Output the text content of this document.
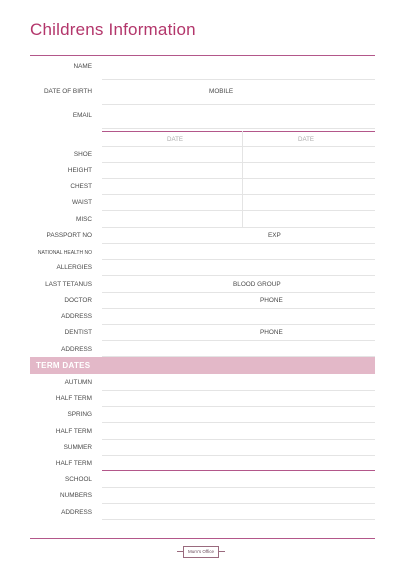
Childrens Information
NAME
DATE OF BIRTH	MOBILE
EMAIL
DATE	DATE
SHOE
HEIGHT
CHEST
WAIST
MISC
PASSPORT NO	EXP
NATIONAL HEALTH NO
ALLERGIES
LAST TETANUS	BLOOD GROUP
DOCTOR	PHONE
ADDRESS
DENTIST	PHONE
ADDRESS
TERM DATES
AUTUMN
HALF TERM
SPRING
HALF TERM
SUMMER
HALF TERM
SCHOOL
NUMBERS
ADDRESS
Mum's Office
